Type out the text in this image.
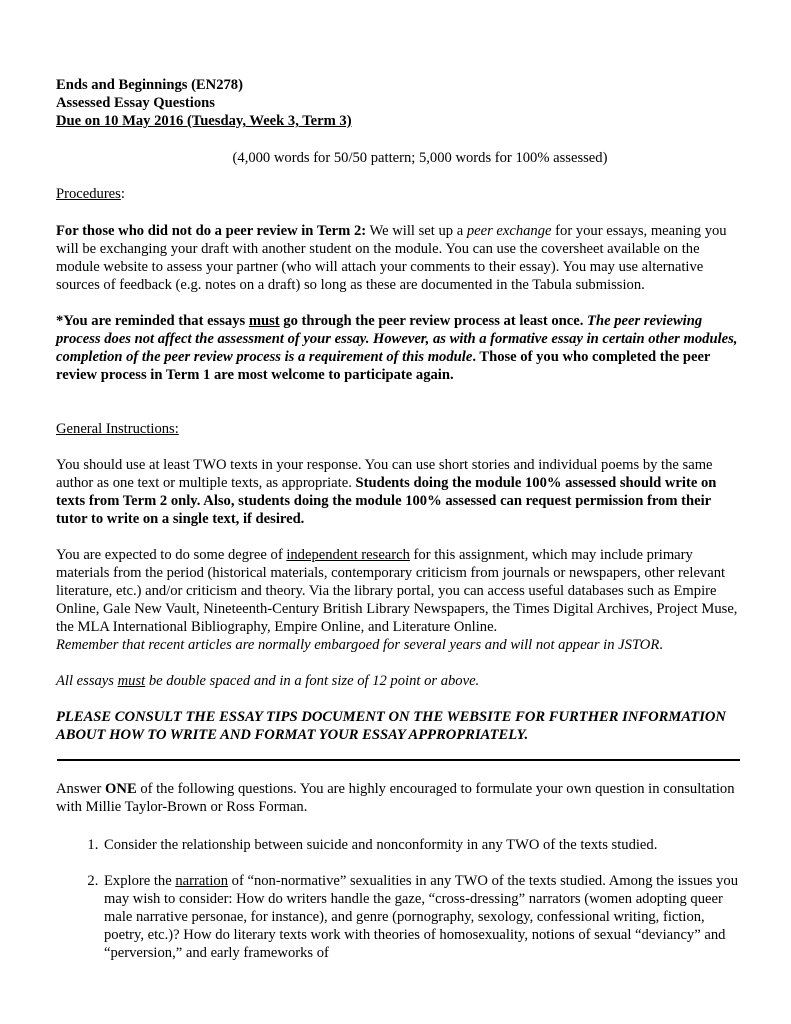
Ends and Beginnings (EN278)
Assessed Essay Questions
Due on 10 May 2016 (Tuesday, Week 3, Term 3)

(4,000 words for 50/50 pattern; 5,000 words for 100% assessed)

Procedures:

For those who did not do a peer review in Term 2: We will set up a peer exchange for your essays, meaning you will be exchanging your draft with another student on the module. You can use the coversheet available on the module website to assess your partner (who will attach your comments to their essay). You may use alternative sources of feedback (e.g. notes on a draft) so long as these are documented in the Tabula submission.

*You are reminded that essays must go through the peer review process at least once. The peer reviewing process does not affect the assessment of your essay. However, as with a formative essay in certain other modules, completion of the peer review process is a requirement of this module. Those of you who completed the peer review process in Term 1 are most welcome to participate again.

General Instructions:

You should use at least TWO texts in your response. You can use short stories and individual poems by the same author as one text or multiple texts, as appropriate. Students doing the module 100% assessed should write on texts from Term 2 only. Also, students doing the module 100% assessed can request permission from their tutor to write on a single text, if desired.

You are expected to do some degree of independent research for this assignment, which may include primary materials from the period (historical materials, contemporary criticism from journals or newspapers, other relevant literature, etc.) and/or criticism and theory. Via the library portal, you can access useful databases such as Empire Online, Gale New Vault, Nineteenth-Century British Library Newspapers, the Times Digital Archives, Project Muse, the MLA International Bibliography, Empire Online, and Literature Online.
Remember that recent articles are normally embargoed for several years and will not appear in JSTOR.

All essays must be double spaced and in a font size of 12 point or above.

PLEASE CONSULT THE ESSAY TIPS DOCUMENT ON THE WEBSITE FOR FURTHER INFORMATION ABOUT HOW TO WRITE AND FORMAT YOUR ESSAY APPROPRIATELY.

Answer ONE of the following questions. You are highly encouraged to formulate your own question in consultation with Millie Taylor-Brown or Ross Forman.

1. Consider the relationship between suicide and nonconformity in any TWO of the texts studied.
2. Explore the narration of “non-normative” sexualities in any TWO of the texts studied. Among the issues you may wish to consider: How do writers handle the gaze, “cross-dressing” narrators (women adopting queer male narrative personae, for instance), and genre (pornography, sexology, confessional writing, fiction, poetry, etc.)? How do literary texts work with theories of homosexuality, notions of sexual “deviancy” and “perversion,” and early frameworks of
